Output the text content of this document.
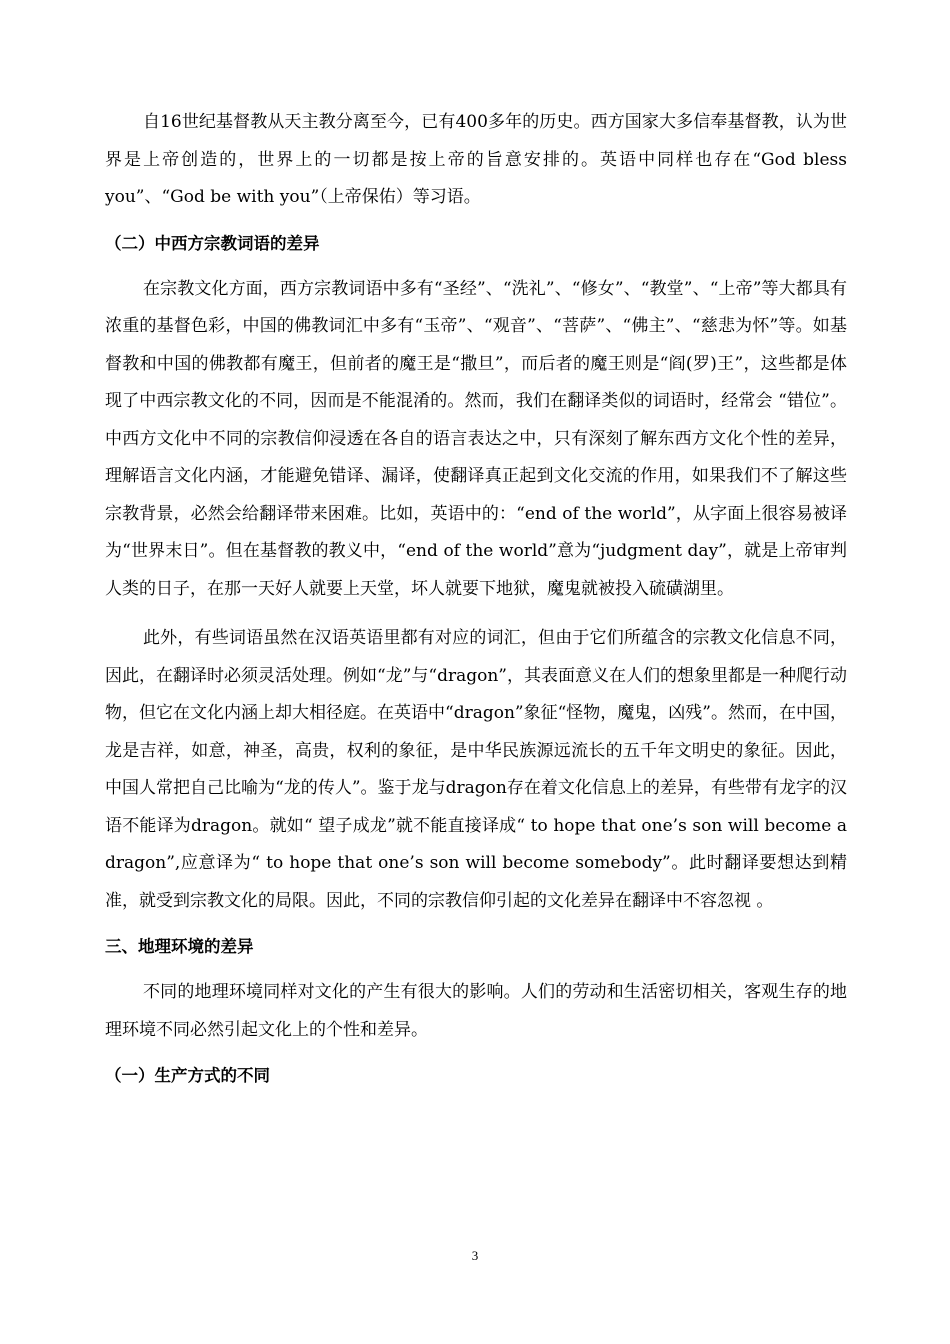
自16世纪基督教从天主教分离至今，已有400多年的历史。西方国家大多信奉基督教，认为世界是上帝创造的，世界上的一切都是按上帝的旨意安排的。英语中同样也存在“God bless you”、“God be with you”（上帝保佑）等习语。

（二）中西方宗教词语的差异

在宗教文化方面，西方宗教词语中多有“圣经”、“洗礼”、“修女”、“教堂”、“上帝”等大都具有浓重的基督色彩，中国的佛教词汇中多有“玉帝”、“观音”、“菩萨”、“佛主”、“慈悲为怀”等。如基督教和中国的佛教都有魔王，但前者的魔王是“撒旦”，而后者的魔王则是“阎(罗)王”，这些都是体现了中西宗教文化的不同，因而是不能混淆的。然而，我们在翻译类似的词语时，经常会 “错位”。中西方文化中不同的宗教信仰浸透在各自的语言表达之中，只有深刻了解东西方文化个性的差异，理解语言文化内涵，才能避免错译、漏译，使翻译真正起到文化交流的作用，如果我们不了解这些宗教背景，必然会给翻译带来困难。比如，英语中的：“end of the world”，从字面上很容易被译为“世界末日”。但在基督教的教义中，“end of the world”意为“judgment day”，就是上帝审判人类的日子，在那一天好人就要上天堂，坏人就要下地狱，魔鬼就被投入硫磺湖里。

此外，有些词语虽然在汉语英语里都有对应的词汇，但由于它们所蕴含的宗教文化信息不同，因此，在翻译时必须灵活处理。例如“龙”与“dragon”，其表面意义在人们的想象里都是一种爬行动物，但它在文化内涵上却大相径庭。在英语中“dragon”象征“怪物，魔鬼，凶残”。然而，在中国，龙是吉祥，如意，神圣，高贵，权利的象征，是中华民族源远流长的五千年文明史的象征。因此，中国人常把自己比喻为“龙的传人”。鉴于龙与dragon存在着文化信息上的差异，有些带有龙字的汉语不能译为dragon。就如“ 望子成龙”就不能直接译成“ to hope that one’s son will become a dragon”,应意译为“ to hope that one’s son will become somebody”。此时翻译要想达到精准，就受到宗教文化的局限。因此，不同的宗教信仰引起的文化差异在翻译中不容忽视 。

三、地理环境的差异

不同的地理环境同样对文化的产生有很大的影响。人们的劳动和生活密切相关，客观生存的地理环境不同必然引起文化上的个性和差异。

（一）生产方式的不同
3
